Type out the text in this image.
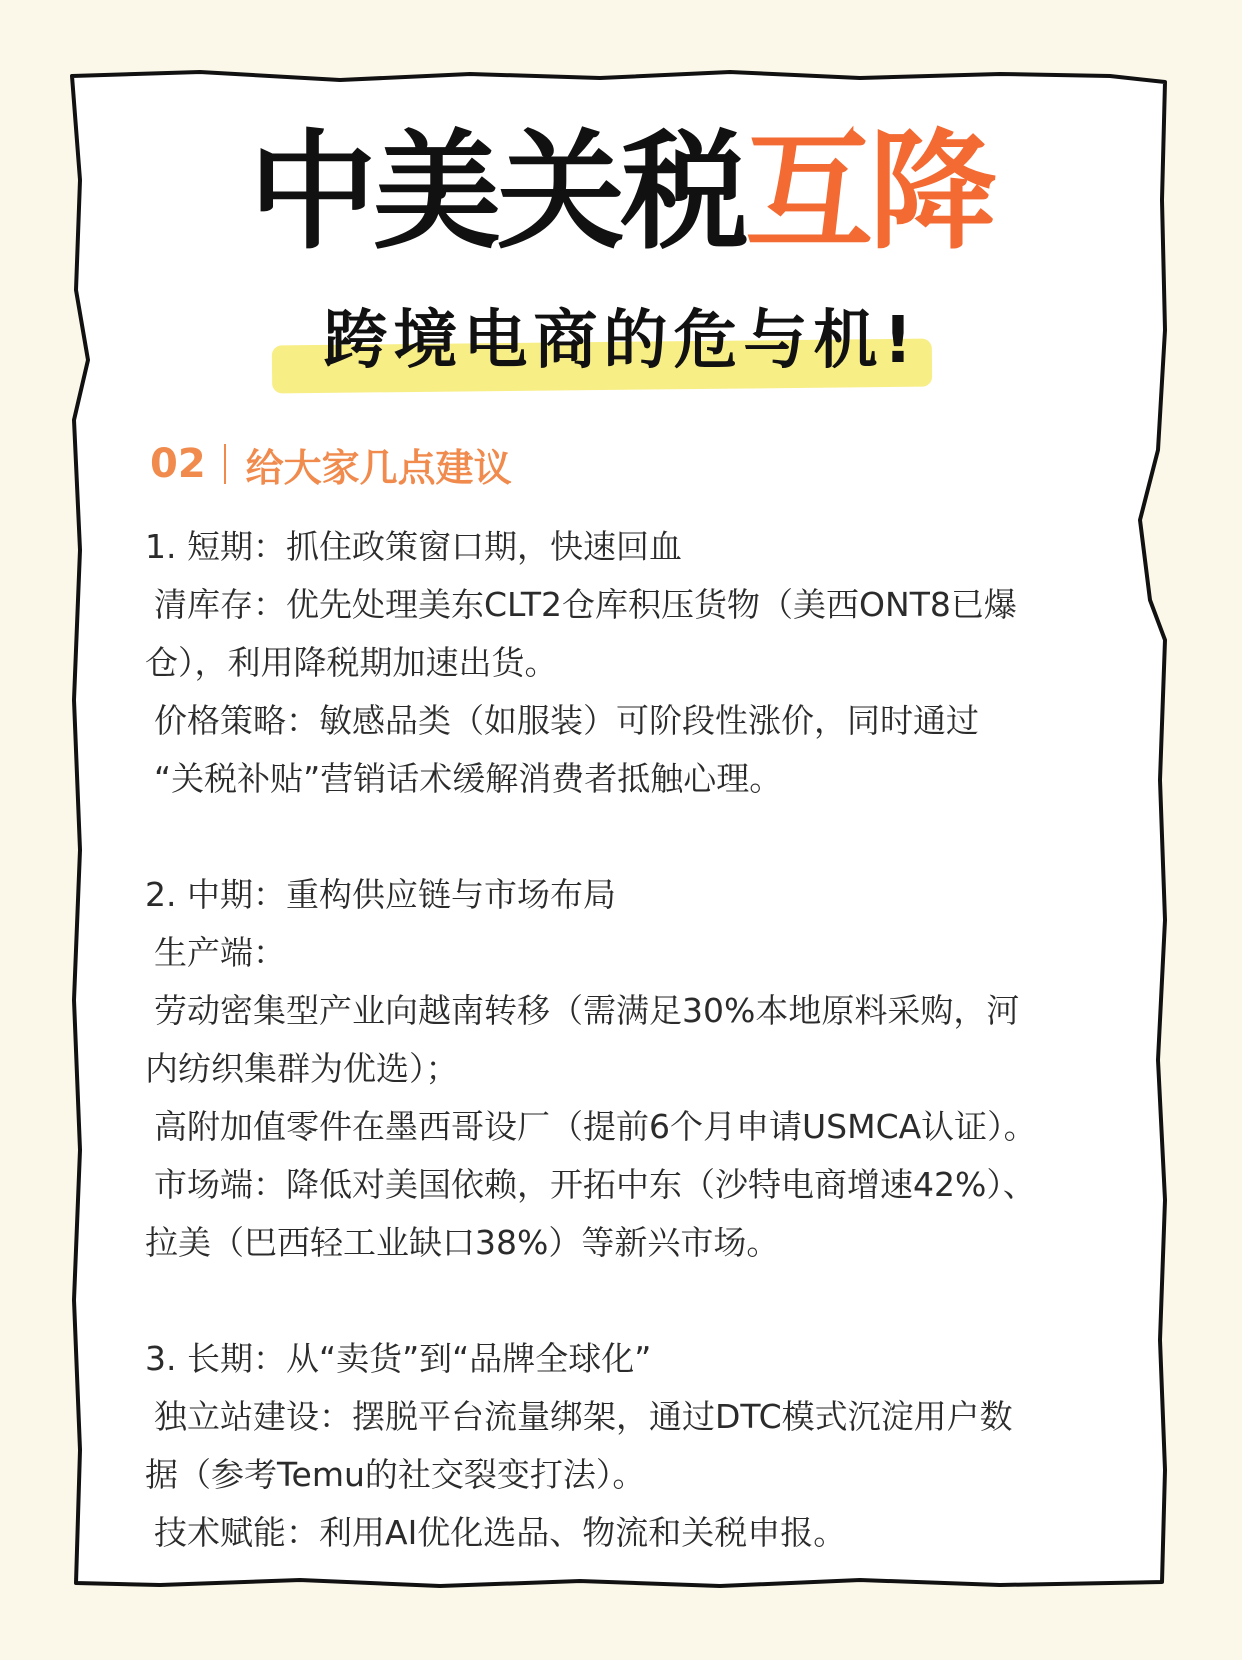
中美关税互降
跨境电商的危与机!
02 给大家几点建议

1. 短期：抓住政策窗口期，快速回血

清库存：优先处理美东CLT2仓库积压货物（美西ONT8已爆

仓），利用降税期加速出货。

价格策略：敏感品类（如服装）可阶段性涨价，同时通过

“关税补贴”营销话术缓解消费者抵触心理。

2. 中期：重构供应链与市场布局

生产端：

劳动密集型产业向越南转移（需满足30%本地原料采购，河

内纺织集群为优选）；

高附加值零件在墨西哥设厂（提前6个月申请USMCA认证）。

市场端：降低对美国依赖，开拓中东（沙特电商增速42%）、

拉美（巴西轻工业缺口38%）等新兴市场。

3. 长期：从“卖货”到“品牌全球化”

独立站建设：摆脱平台流量绑架，通过DTC模式沉淀用户数

据（参考Temu的社交裂变打法）。

技术赋能：利用AI优化选品、物流和关税申报。
